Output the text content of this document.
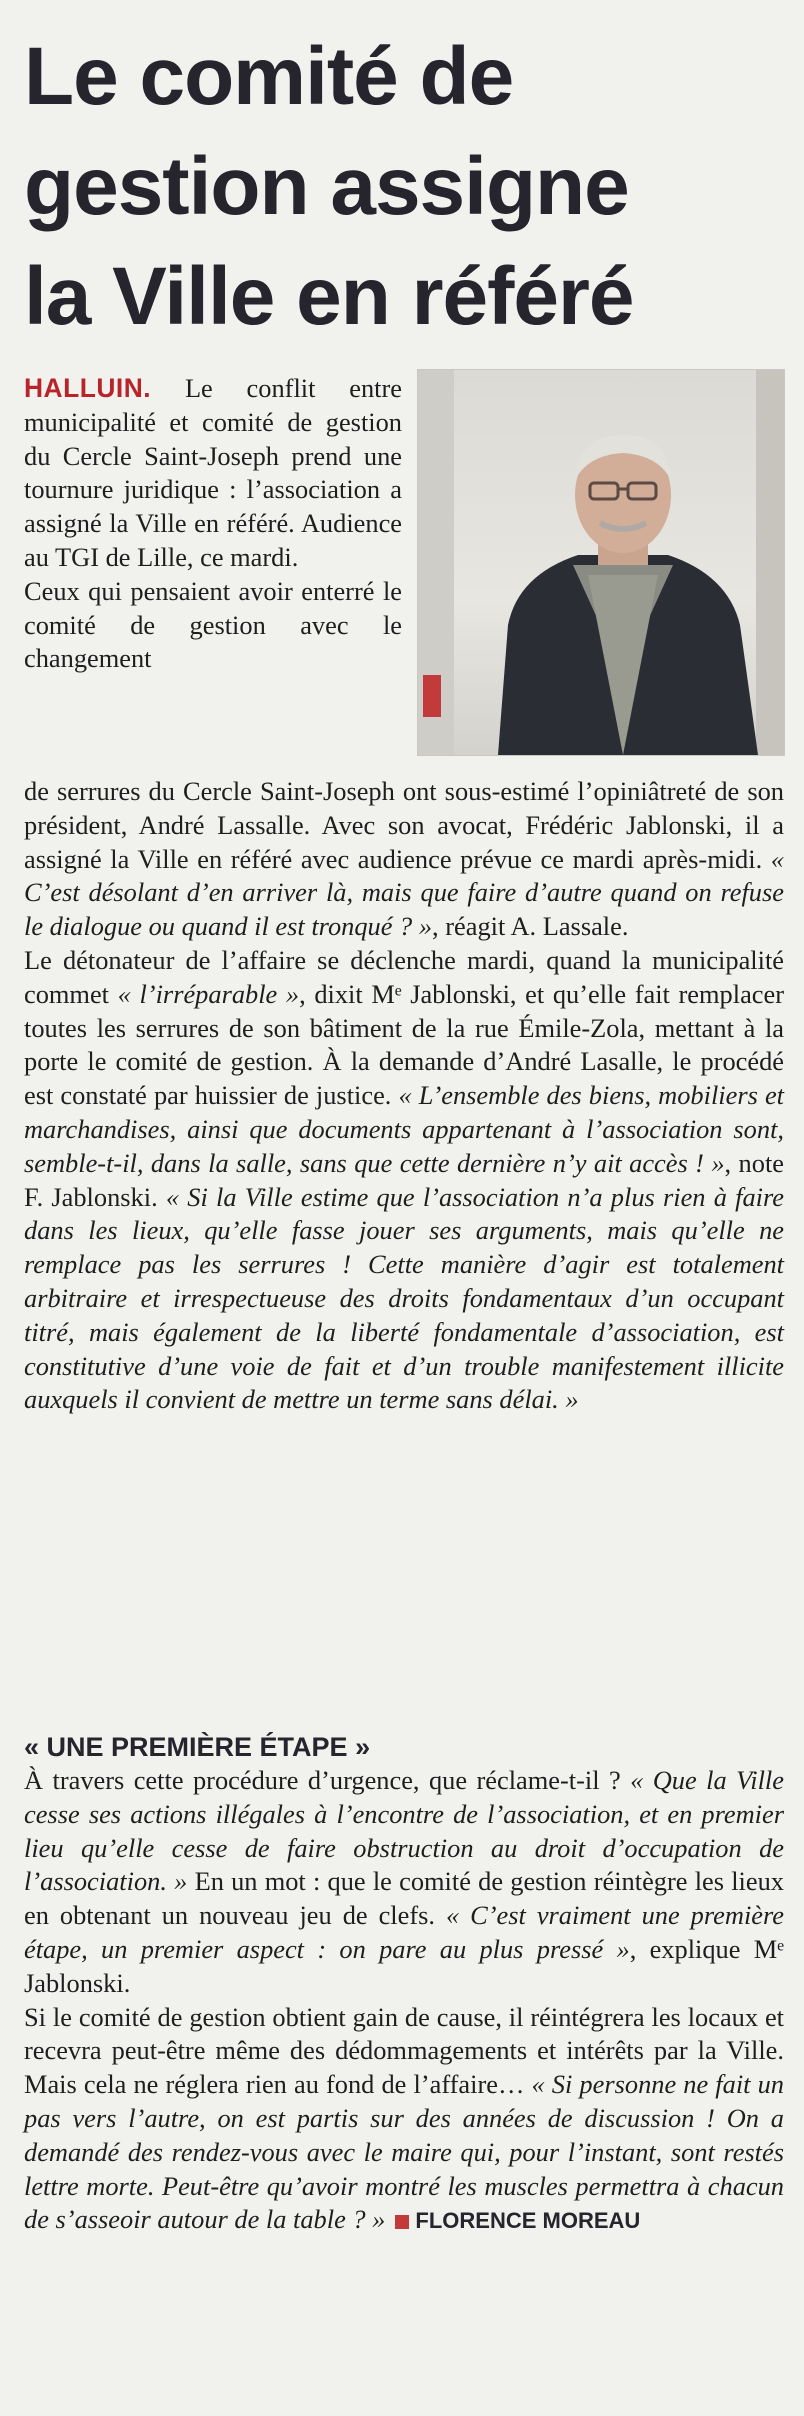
Le comité de
gestion assigne
la Ville en référé

HALLUIN. Le conflit entre municipalité et comité de gestion du Cercle Saint-Joseph prend une tournure juridique : l’association a assigné la Ville en référé. Audience au TGI de Lille, ce mardi.

Ceux qui pensaient avoir enterré le comité de gestion avec le changement

de serrures du Cercle Saint-Joseph ont sous-estimé l’opiniâtreté de son président, André Lassalle. Avec son avocat, Frédéric Jablonski, il a assigné la Ville en référé avec audience prévue ce mardi après-midi. « C’est désolant d’en arriver là, mais que faire d’autre quand on refuse le dialogue ou quand il est tronqué ? », réagit A. Lassale.

Le détonateur de l’affaire se déclenche mardi, quand la municipalité commet « l’irréparable », dixit Mᵉ Jablonski, et qu’elle fait remplacer toutes les serrures de son bâtiment de la rue Émile-Zola, mettant à la porte le comité de gestion. À la demande d’André Lasalle, le procédé est constaté par huissier de justice. « L’ensemble des biens, mobiliers et marchandises, ainsi que documents appartenant à l’association sont, semble-t-il, dans la salle, sans que cette dernière n’y ait accès ! », note F. Jablonski. « Si la Ville estime que l’association n’a plus rien à faire dans les lieux, qu’elle fasse jouer ses arguments, mais qu’elle ne remplace pas les serrures ! Cette manière d’agir est totalement arbitraire et irrespectueuse des droits fondamentaux d’un occupant titré, mais également de la liberté fondamentale d’association, est constitutive d’une voie de fait et d’un trouble manifestement illicite auxquels il convient de mettre un terme sans délai. »

« UNE PREMIÈRE ÉTAPE »

À travers cette procédure d’urgence, que réclame-t-il ? « Que la Ville cesse ses actions illégales à l’encontre de l’association, et en premier lieu qu’elle cesse de faire obstruction au droit d’occupation de l’association. » En un mot : que le comité de gestion réintègre les lieux en obtenant un nouveau jeu de clefs. « C’est vraiment une première étape, un premier aspect : on pare au plus pressé », explique Mᵉ Jablonski.

Si le comité de gestion obtient gain de cause, il réintégrera les locaux et recevra peut-être même des dédommagements et intérêts par la Ville. Mais cela ne réglera rien au fond de l’affaire… « Si personne ne fait un pas vers l’autre, on est partis sur des années de discussion ! On a demandé des rendez-vous avec le maire qui, pour l’instant, sont restés lettre morte. Peut-être qu’avoir montré les muscles permettra à chacun de s’asseoir autour de la table ? » FLORENCE MOREAU
